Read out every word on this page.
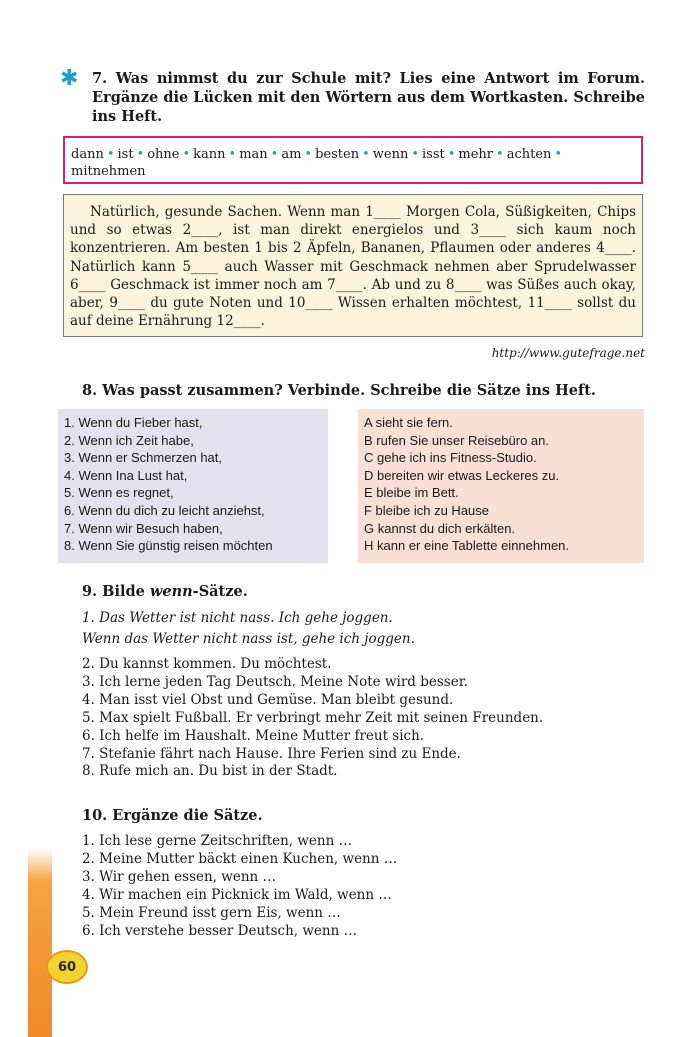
60
✱ 7. Was nimmst du zur Schule mit? Lies eine Antwort im Forum. Ergänze die Lücken mit den Wörtern aus dem Wortkasten. Schreibe ins Heft.
dann • ist • ohne • kann • man • am • besten • wenn • isst • mehr • achten •
mitnehmen

Natürlich, gesunde Sachen. Wenn man 1____ Morgen Cola, Süßigkeiten, Chips und so etwas 2____, ist man direkt energielos und 3____ sich kaum noch konzentrieren. Am besten 1 bis 2 Äpfeln, Bananen, Pflaumen oder anderes 4____. Natürlich kann 5____ auch Wasser mit Geschmack nehmen aber Sprudelwasser 6____ Geschmack ist immer noch am 7____. Ab und zu 8____ was Süßes auch okay, aber, 9____ du gute Noten und 10____ Wissen erhalten möchtest, 11____ sollst du auf deine Ernährung 12____.

http://www.gutefrage.net
8. Was passt zusammen? Verbinde. Schreibe die Sätze ins Heft.
1. Wenn du Fieber hast,
2. Wenn ich Zeit habe,
3. Wenn er Schmerzen hat,
4. Wenn Ina Lust hat,
5. Wenn es regnet,
6. Wenn du dich zu leicht anziehst,
7. Wenn wir Besuch haben,
8. Wenn Sie günstig reisen möchten
A sieht sie fern.
B rufen Sie unser Reisebüro an.
C gehe ich ins Fitness-Studio.
D bereiten wir etwas Leckeres zu.
E bleibe im Bett.
F bleibe ich zu Hause
G kannst du dich erkälten.
H kann er eine Tablette einnehmen.
9. Bilde wenn-Sätze.
1. Das Wetter ist nicht nass. Ich gehe joggen.
Wenn das Wetter nicht nass ist, gehe ich joggen.
2. Du kannst kommen. Du möchtest.
3. Ich lerne jeden Tag Deutsch. Meine Note wird besser.
4. Man isst viel Obst und Gemüse. Man bleibt gesund.
5. Max spielt Fußball. Er verbringt mehr Zeit mit seinen Freunden.
6. Ich helfe im Haushalt. Meine Mutter freut sich.
7. Stefanie fährt nach Hause. Ihre Ferien sind zu Ende.
8. Rufe mich an. Du bist in der Stadt.
10. Ergänze die Sätze.
1. Ich lese gerne Zeitschriften, wenn …
2. Meine Mutter bäckt einen Kuchen, wenn …
3. Wir gehen essen, wenn …
4. Wir machen ein Picknick im Wald, wenn …
5. Mein Freund isst gern Eis, wenn …
6. Ich verstehe besser Deutsch, wenn …
